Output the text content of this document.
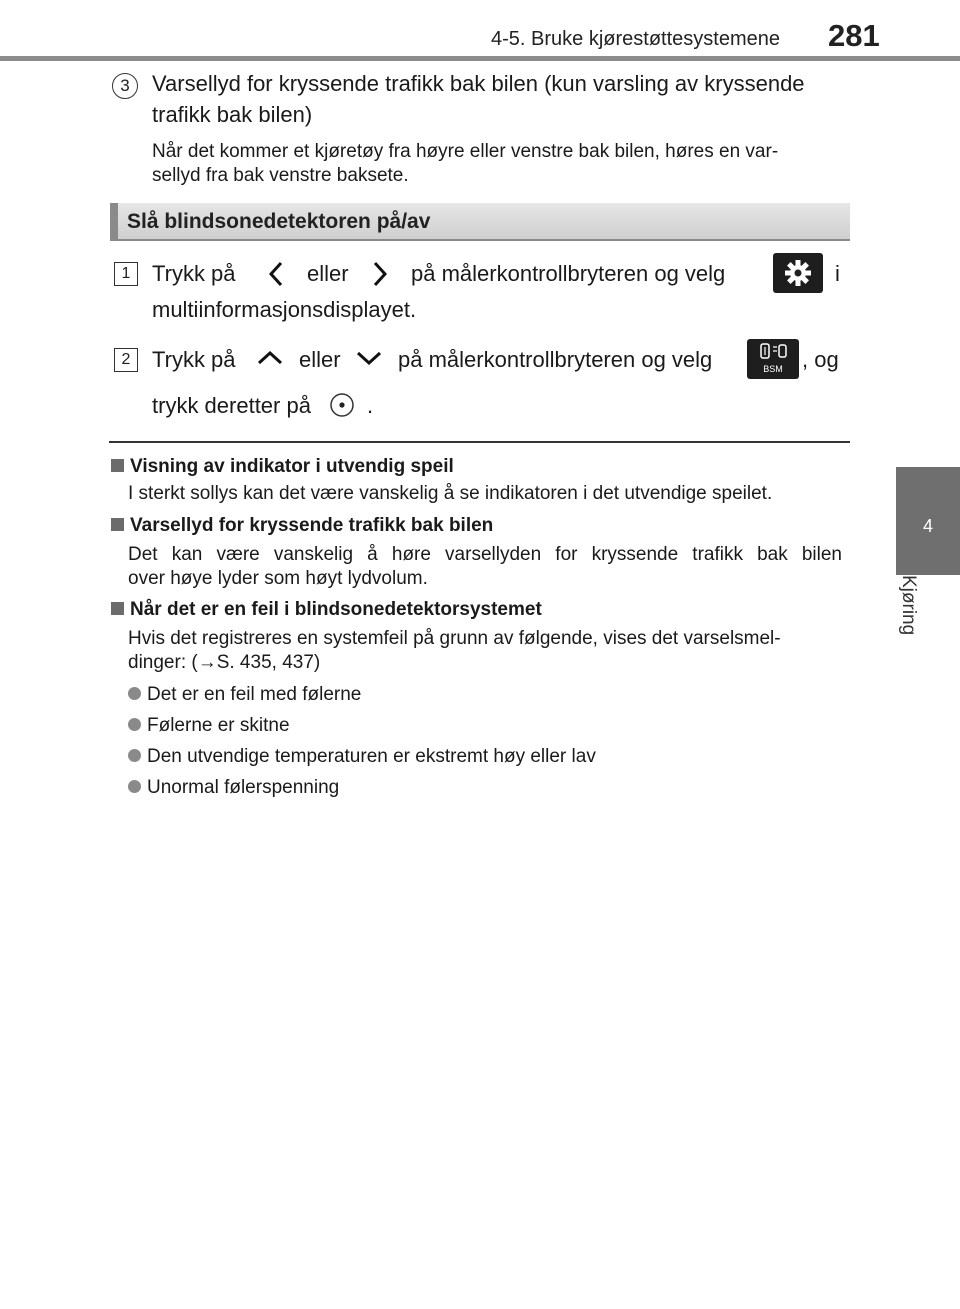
4-5. Bruke kjørestøttesystemene 281
4
Kjøring
3	Varsellyd for kryssende trafikk bak bilen (kun varsling av kryssende
trafikk bak bilen)
Når det kommer et kjøretøy fra høyre eller venstre bak bilen, høres en var-
sellyd fra bak venstre baksete.
Slå blindsonedetektoren på/av
1 Trykk på	eller	på målerkontrollbryteren og velg	i
multiinformasjonsdisplayet.
2 Trykk på	eller	på målerkontrollbryteren og velg	BSM , og
trykk deretter på	.
Visning av indikator i utvendig speil
I sterkt sollys kan det være vanskelig å se indikatoren i det utvendige speilet.
Varsellyd for kryssende trafikk bak bilen
Det kan være vanskelig å høre varsellyden for kryssende trafikk bak bilen
over høye lyder som høyt lydvolum.
Når det er en feil i blindsonedetektorsystemet
Hvis det registreres en systemfeil på grunn av følgende, vises det varselsmel-
dinger: (→S. 435, 437)
Det er en feil med følerne
Følerne er skitne
Den utvendige temperaturen er ekstremt høy eller lav
Unormal følerspenning
